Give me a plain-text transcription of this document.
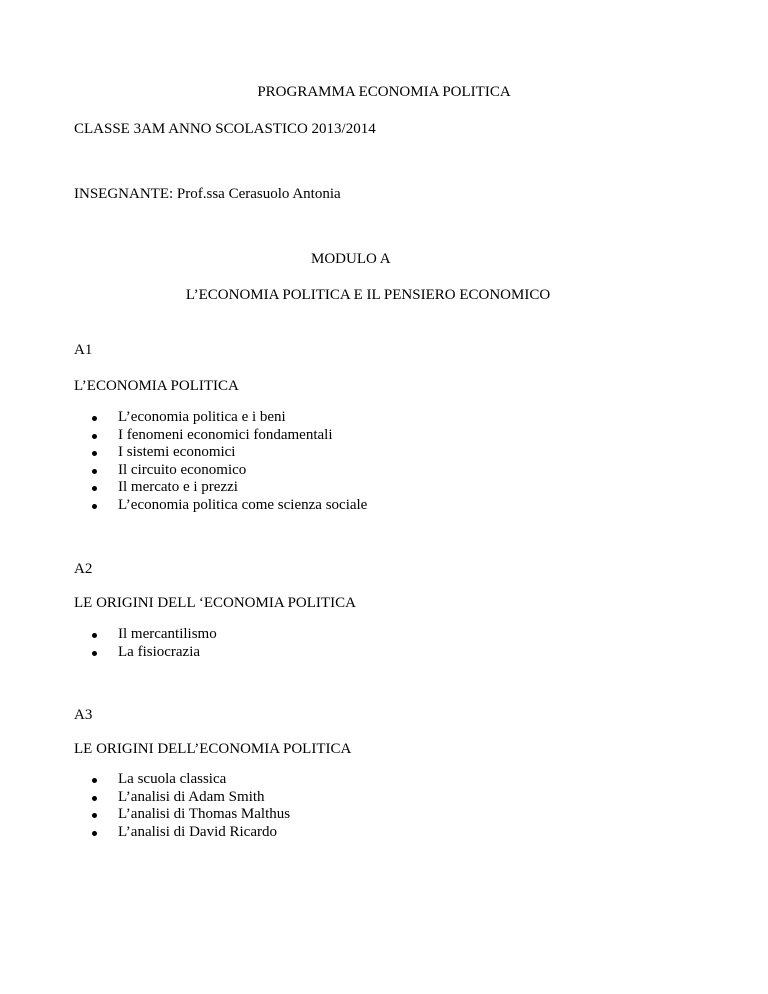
PROGRAMMA ECONOMIA POLITICA
CLASSE 3AM ANNO SCOLASTICO 2013/2014
INSEGNANTE: Prof.ssa Cerasuolo Antonia
MODULO A
L’ECONOMIA POLITICA E IL PENSIERO ECONOMICO
A1
L’ECONOMIA POLITICA
L’economia politica e i beni
I fenomeni economici fondamentali
I sistemi economici
Il circuito economico
Il mercato e i prezzi
L’economia politica come scienza sociale
A2
LE ORIGINI DELL ‘ECONOMIA POLITICA
Il mercantilismo
La fisiocrazia
A3
LE ORIGINI DELL’ECONOMIA POLITICA
La scuola classica
L’analisi di Adam Smith
L’analisi di Thomas Malthus
L’analisi di David Ricardo
